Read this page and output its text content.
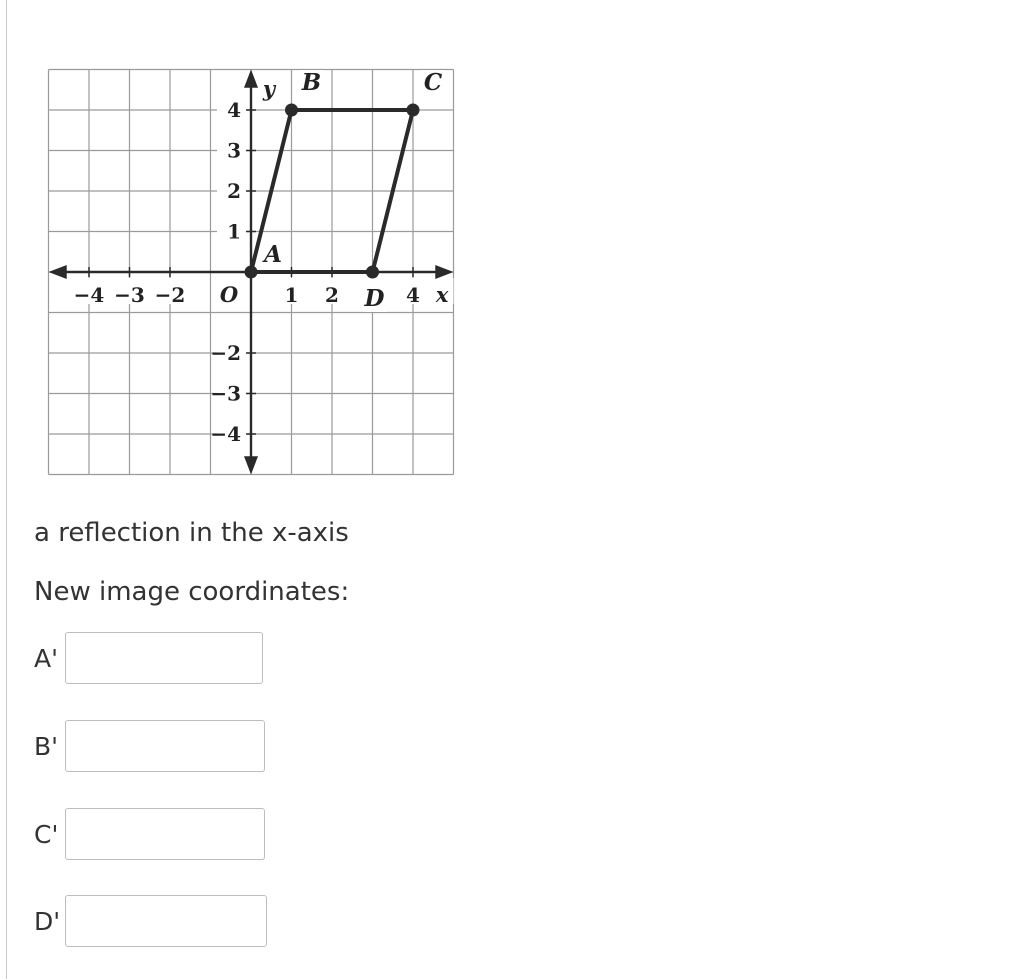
−4 −3 −2	1 2	4
4
3
2
1
−2
−3
−4
O	x
y
A
B	C
D
a reflection in the x-axis
New image coordinates:
A'
B'
C'
D'
